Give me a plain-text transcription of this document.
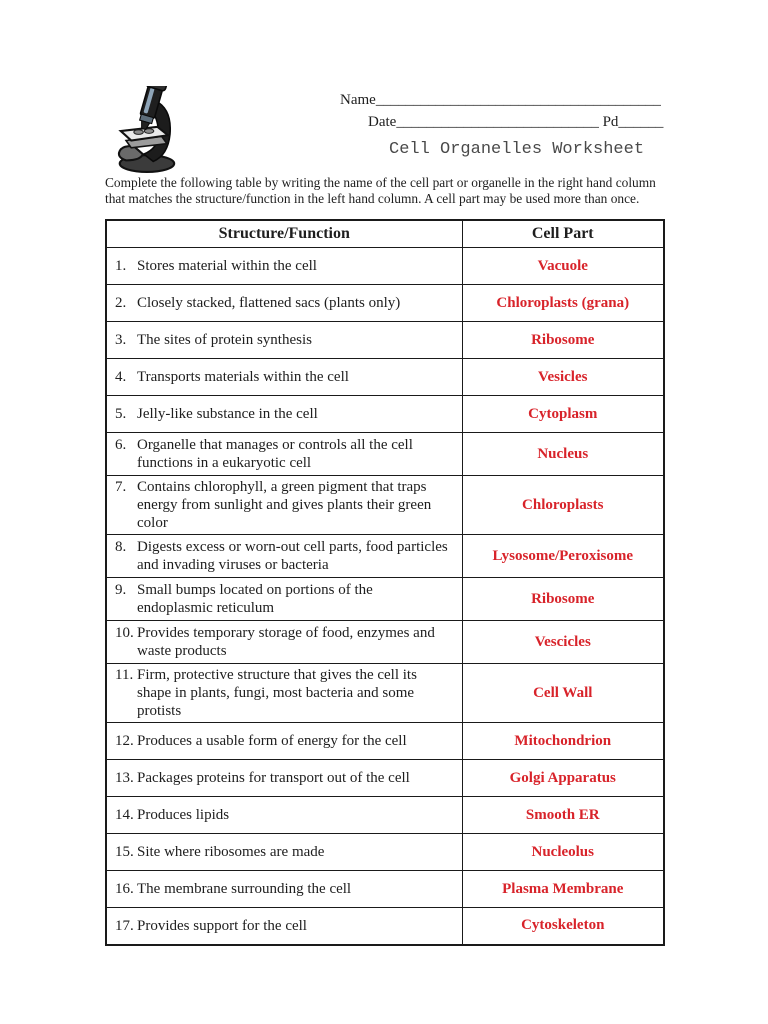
Name______________________________________
Date___________________________ Pd______
Cell Organelles Worksheet
Complete the following table by writing the name of the cell part or organelle in the right hand column that matches the structure/function in the left hand column. A cell part may be used more than once.
Structure/Function	Cell Part
1. Stores material within the cell	Vacuole
2. Closely stacked, flattened sacs (plants only)	Chloroplasts (grana)
3. The sites of protein synthesis	Ribosome
4. Transports materials within the cell	Vesicles
5. Jelly-like substance in the cell	Cytoplasm
6. Organelle that manages or controls all the cell functions in a eukaryotic cell	Nucleus
7. Contains chlorophyll, a green pigment that traps energy from sunlight and gives plants their green color	Chloroplasts
8. Digests excess or worn-out cell parts, food particles and invading viruses or bacteria	Lysosome/Peroxisome
9. Small bumps located on portions of the endoplasmic reticulum	Ribosome
10. Provides temporary storage of food, enzymes and waste products	Vescicles
11. Firm, protective structure that gives the cell its shape in plants, fungi, most bacteria and some protists	Cell Wall
12. Produces a usable form of energy for the cell	Mitochondrion
13. Packages proteins for transport out of the cell	Golgi Apparatus
14. Produces lipids	Smooth ER
15. Site where ribosomes are made	Nucleolus
16. The membrane surrounding the cell	Plasma Membrane
17. Provides support for the cell	Cytoskeleton
